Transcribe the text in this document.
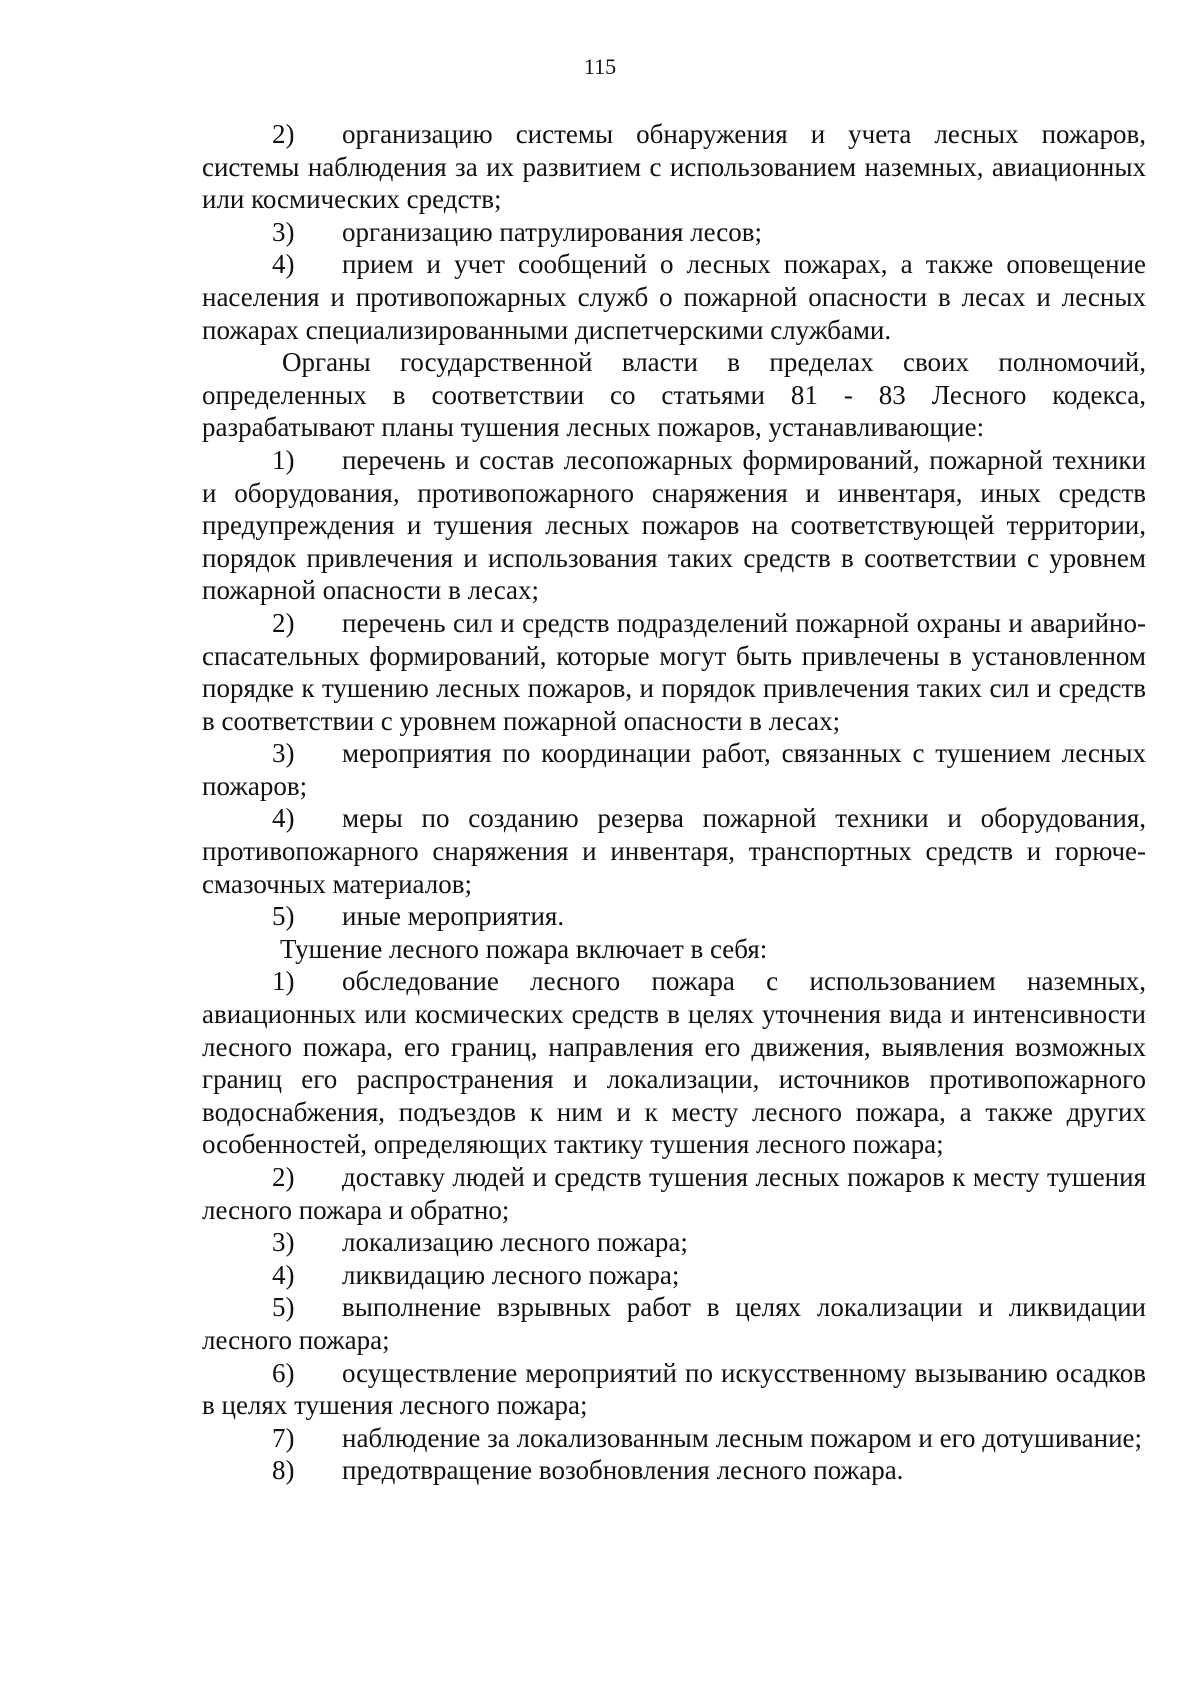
115

2) организацию системы обнаружения и учета лесных пожаров, системы наблюдения за их развитием с использованием наземных, авиационных или космических средств;

3) организацию патрулирования лесов;

4) прием и учет сообщений о лесных пожарах, а также оповещение населения и противопожарных служб о пожарной опасности в лесах и лесных пожарах специализированными диспетчерскими службами.

Органы государственной власти в пределах своих полномочий, определенных в соответствии со статьями 81 - 83 Лесного кодекса, разрабатывают планы тушения лесных пожаров, устанавливающие:

1) перечень и состав лесопожарных формирований, пожарной техники и оборудования, противопожарного снаряжения и инвентаря, иных средств предупреждения и тушения лесных пожаров на соответствующей территории, порядок привлечения и использования таких средств в соответствии с уровнем пожарной опасности в лесах;

2) перечень сил и средств подразделений пожарной охраны и аварийно-спасательных формирований, которые могут быть привлечены в установленном порядке к тушению лесных пожаров, и порядок привлечения таких сил и средств в соответствии с уровнем пожарной опасности в лесах;

3) мероприятия по координации работ, связанных с тушением лесных пожаров;

4) меры по созданию резерва пожарной техники и оборудования, противопожарного снаряжения и инвентаря, транспортных средств и горюче-смазочных материалов;

5) иные мероприятия.

Тушение лесного пожара включает в себя:

1) обследование лесного пожара с использованием наземных, авиационных или космических средств в целях уточнения вида и интенсивности лесного пожара, его границ, направления его движения, выявления возможных границ его распространения и локализации, источников противопожарного водоснабжения, подъездов к ним и к месту лесного пожара, а также других особенностей, определяющих тактику тушения лесного пожара;

2) доставку людей и средств тушения лесных пожаров к месту тушения лесного пожара и обратно;

3) локализацию лесного пожара;

4) ликвидацию лесного пожара;

5) выполнение взрывных работ в целях локализации и ликвидации лесного пожара;

6) осуществление мероприятий по искусственному вызыванию осадков в целях тушения лесного пожара;

7) наблюдение за локализованным лесным пожаром и его дотушивание;

8) предотвращение возобновления лесного пожара.
